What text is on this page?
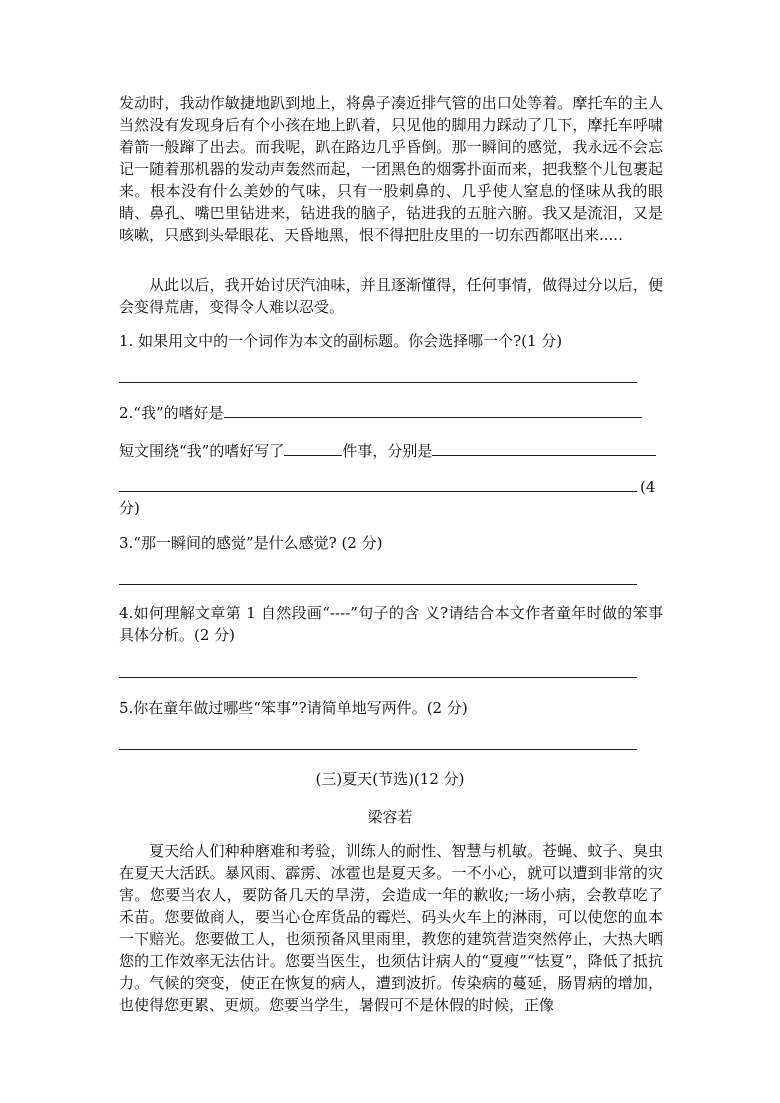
发动时，我动作敏捷地趴到地上，将鼻子凑近排气管的出口处等着。摩托车的主人当然没有发现身后有个小孩在地上趴着，只见他的脚用力踩动了几下，摩托车呼啸着箭一般蹿了出去。而我呢，趴在路边几乎昏倒。那一瞬间的感觉，我永远不会忘记一随着那机器的发动声轰然而起，一团黑色的烟雾扑面而来，把我整个儿包裹起来。根本没有什么美妙的气味，只有一股刺鼻的、几乎使人窒息的怪味从我的眼睛、鼻孔、嘴巴里钻进来，钻进我的脑子，钻进我的五脏六腑。我又是流泪，又是咳嗽，只感到头晕眼花、天昏地黑，恨不得把肚皮里的一切东西都呕出来.....

从此以后，我开始讨厌汽油味，并且逐渐懂得，任何事情，做得过分以后，便会变得荒唐，变得令人难以忍受。

1. 如果用文中的一个词作为本文的副标题。你会选择哪一个?(1 分)
2.“我”的嗜好是
短文围绕“我”的嗜好写了	件事，分别是
(4
分)
3.“那一瞬间的感觉”是什么感觉? (2 分)

4.如何理解文章第 1 自然段画“----”句子的含 义?请结合本文作者童年时做的笨事具体分析。(2 分)

5.你在童年做过哪些“笨事”?请简单地写两件。(2 分)
(三)夏天(节选)(12 分)
梁容若

夏天给人们种种磨难和考验，训练人的耐性、智慧与机敏。苍蝇、蚊子、臭虫在夏天大活跃。暴风雨、霹雳、冰雹也是夏天多。一不小心，就可以遭到非常的灾害。您要当农人，要防备几天的旱涝，会造成一年的歉收;一场小病，会教草吃了禾苗。您要做商人，要当心仓库货品的霉烂、码头火车上的淋雨，可以使您的血本一下赔光。您要做工人，也须预备风里雨里，教您的建筑营造突然停止，大热大晒您的工作效率无法估计。您要当医生，也须估计病人的“夏瘦”“怯夏”，降低了抵抗力。气候的突变，使正在恢复的病人，遭到波折。传染病的蔓延，肠胃病的增加，也使得您更累、更烦。您要当学生，暑假可不是休假的时候，正像
